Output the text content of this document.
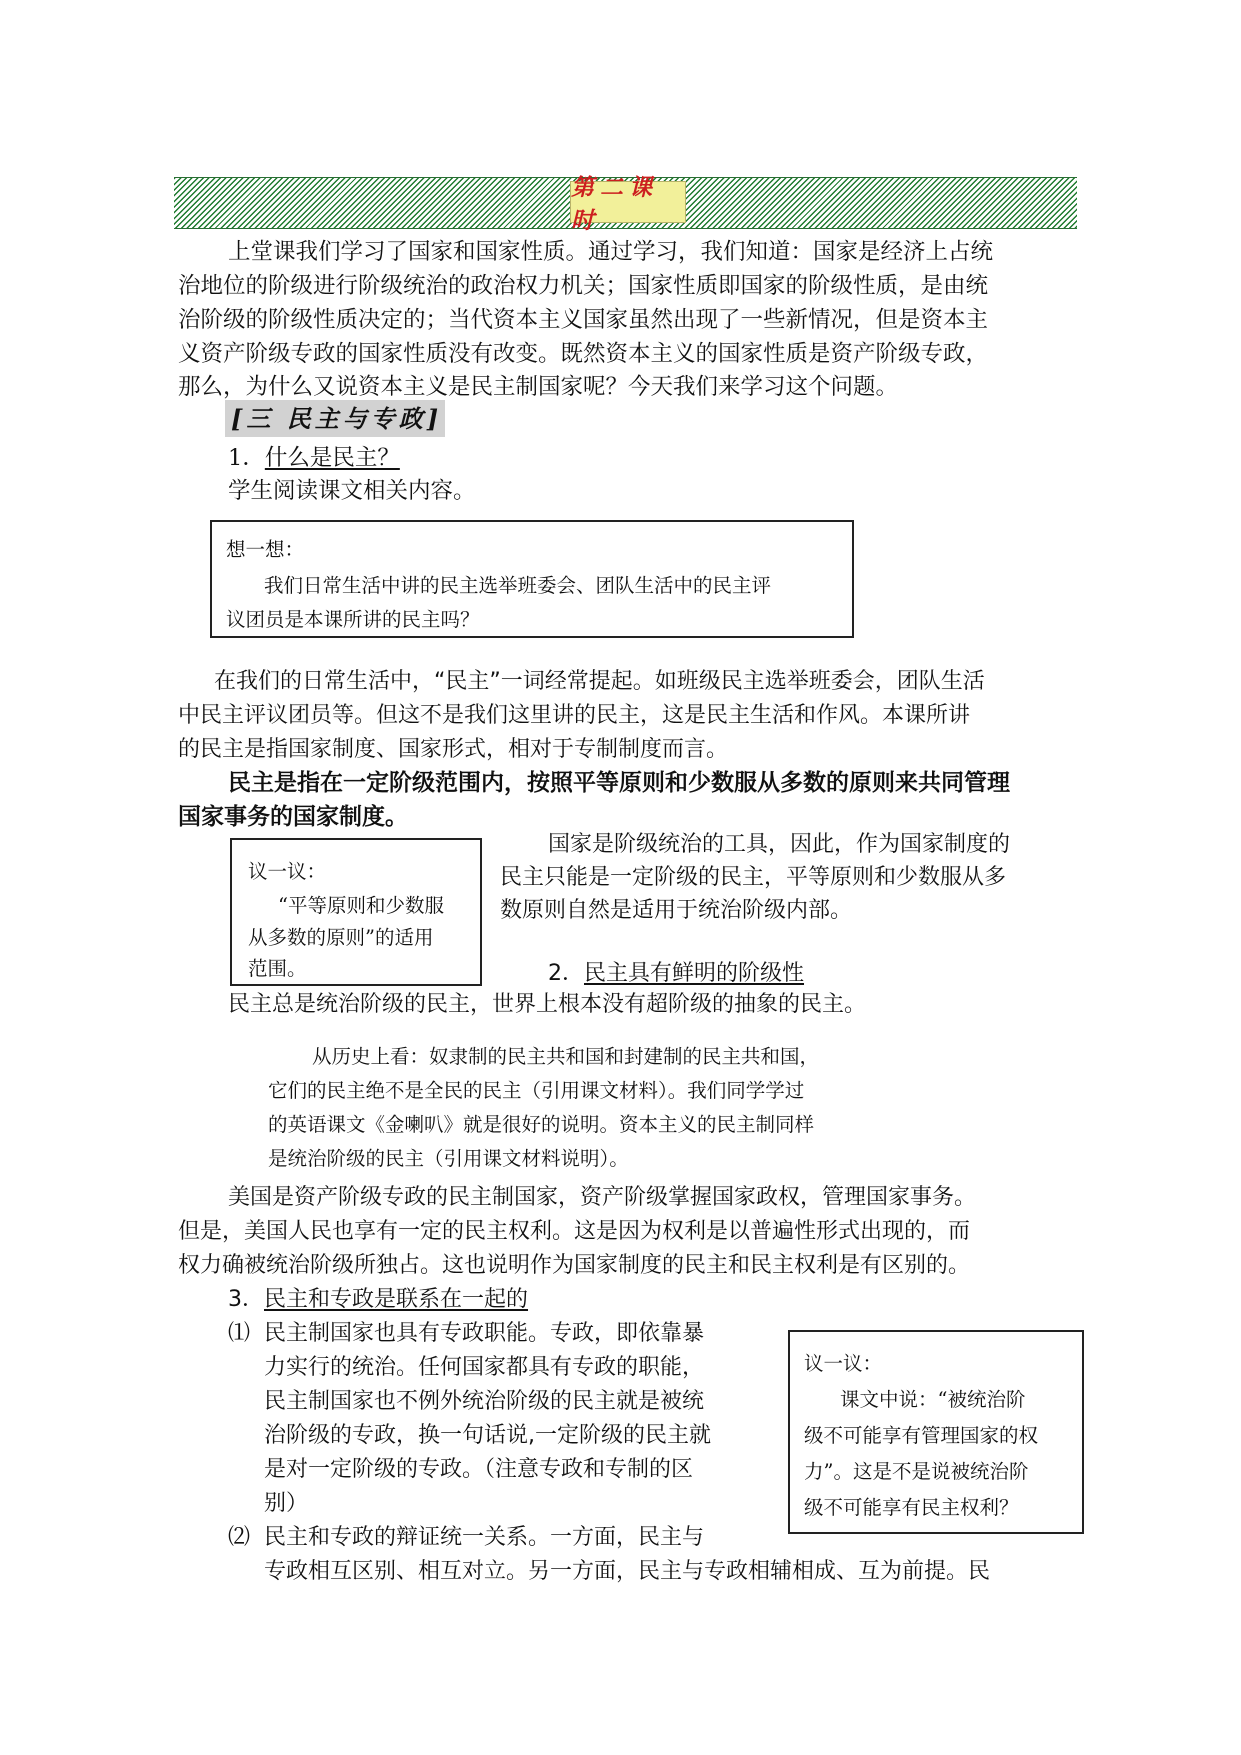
第二课时
上堂课我们学习了国家和国家性质。通过学习，我们知道：国家是经济上占统
治地位的阶级进行阶级统治的政治权力机关；国家性质即国家的阶级性质，是由统
治阶级的阶级性质决定的；当代资本主义国家虽然出现了一些新情况，但是资本主
义资产阶级专政的国家性质没有改变。既然资本主义的国家性质是资产阶级专政，
那么，为什么又说资本主义是民主制国家呢？今天我们来学习这个问题。
[三 民主与专政]
1．什么是民主？
学生阅读课文相关内容。
想一想：
我们日常生活中讲的民主选举班委会、团队生活中的民主评
议团员是本课所讲的民主吗？
在我们的日常生活中，“民主”一词经常提起。如班级民主选举班委会，团队生活
中民主评议团员等。但这不是我们这里讲的民主，这是民主生活和作风。本课所讲
的民主是指国家制度、国家形式，相对于专制制度而言。
民主是指在一定阶级范围内，按照平等原则和少数服从多数的原则来共同管理
国家事务的国家制度。
议一议：
“平等原则和少数服
从多数的原则”的适用
范围。
国家是阶级统治的工具，因此，作为国家制度的
民主只能是一定阶级的民主，平等原则和少数服从多
数原则自然是适用于统治阶级内部。
2．民主具有鲜明的阶级性
民主总是统治阶级的民主，世界上根本没有超阶级的抽象的民主。
从历史上看：奴隶制的民主共和国和封建制的民主共和国，
它们的民主绝不是全民的民主（引用课文材料）。我们同学学过
的英语课文《金喇叭》就是很好的说明。资本主义的民主制同样
是统治阶级的民主（引用课文材料说明）。
美国是资产阶级专政的民主制国家，资产阶级掌握国家政权，管理国家事务。
但是，美国人民也享有一定的民主权利。这是因为权利是以普遍性形式出现的，而
权力确被统治阶级所独占。这也说明作为国家制度的民主和民主权利是有区别的。
3．民主和专政是联系在一起的
⑴ 民主制国家也具有专政职能。专政，即依靠暴
力实行的统治。任何国家都具有专政的职能，
民主制国家也不例外统治阶级的民主就是被统
治阶级的专政，换一句话说,一定阶级的民主就
是对一定阶级的专政。（注意专政和专制的区
别）
议一议：
课文中说：“被统治阶
级不可能享有管理国家的权
力”。这是不是说被统治阶
级不可能享有民主权利？
⑵ 民主和专政的辩证统一关系。一方面，民主与
专政相互区别、相互对立。另一方面，民主与专政相辅相成、互为前提。民
